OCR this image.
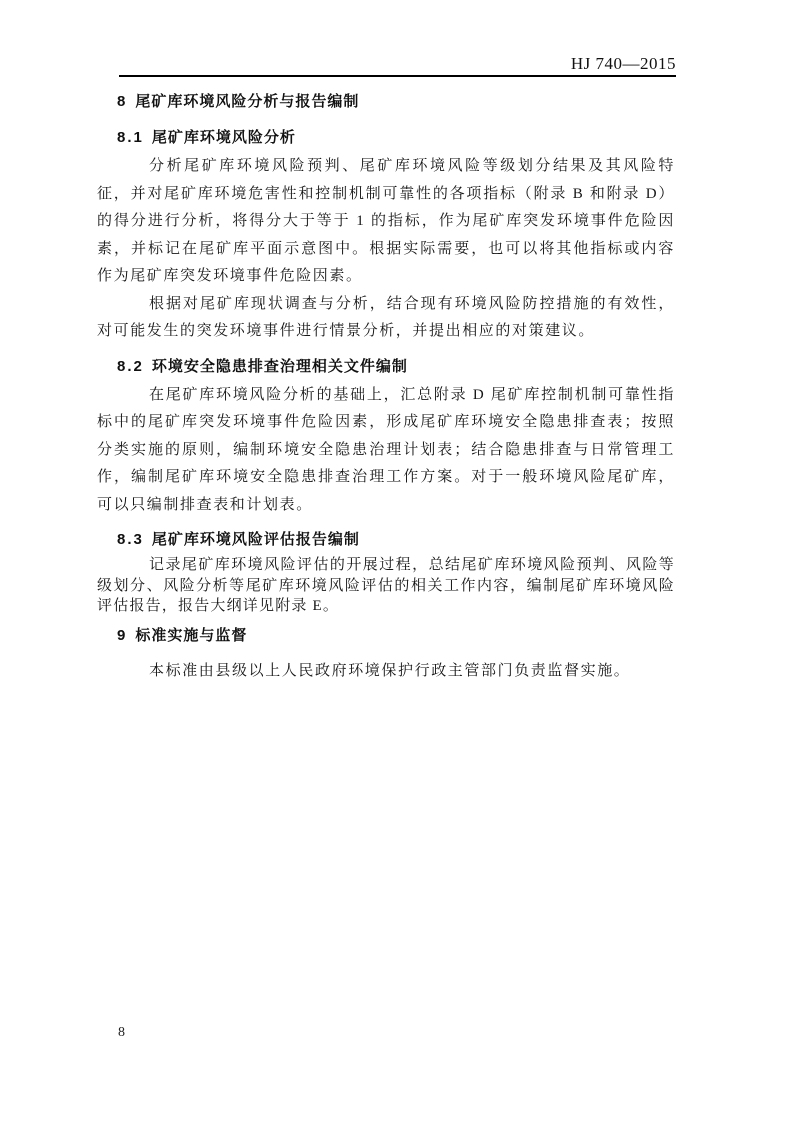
HJ 740—2015
8 尾矿库环境风险分析与报告编制
8.1 尾矿库环境风险分析

分析尾矿库环境风险预判、尾矿库环境风险等级划分结果及其风险特征，并对尾矿库环境危害性和控制机制可靠性的各项指标（附录 B 和附录 D）的得分进行分析，将得分大于等于 1 的指标，作为尾矿库突发环境事件危险因素，并标记在尾矿库平面示意图中。根据实际需要，也可以将其他指标或内容作为尾矿库突发环境事件危险因素。

根据对尾矿库现状调查与分析，结合现有环境风险防控措施的有效性，对可能发生的突发环境事件进行情景分析，并提出相应的对策建议。

8.2 环境安全隐患排查治理相关文件编制

在尾矿库环境风险分析的基础上，汇总附录 D 尾矿库控制机制可靠性指标中的尾矿库突发环境事件危险因素，形成尾矿库环境安全隐患排查表；按照分类实施的原则，编制环境安全隐患治理计划表；结合隐患排查与日常管理工作，编制尾矿库环境安全隐患排查治理工作方案。对于一般环境风险尾矿库，可以只编制排查表和计划表。

8.3 尾矿库环境风险评估报告编制

记录尾矿库环境风险评估的开展过程，总结尾矿库环境风险预判、风险等级划分、风险分析等尾矿库环境风险评估的相关工作内容，编制尾矿库环境风险评估报告，报告大纲详见附录 E。

9 标准实施与监督

本标准由县级以上人民政府环境保护行政主管部门负责监督实施。

8
